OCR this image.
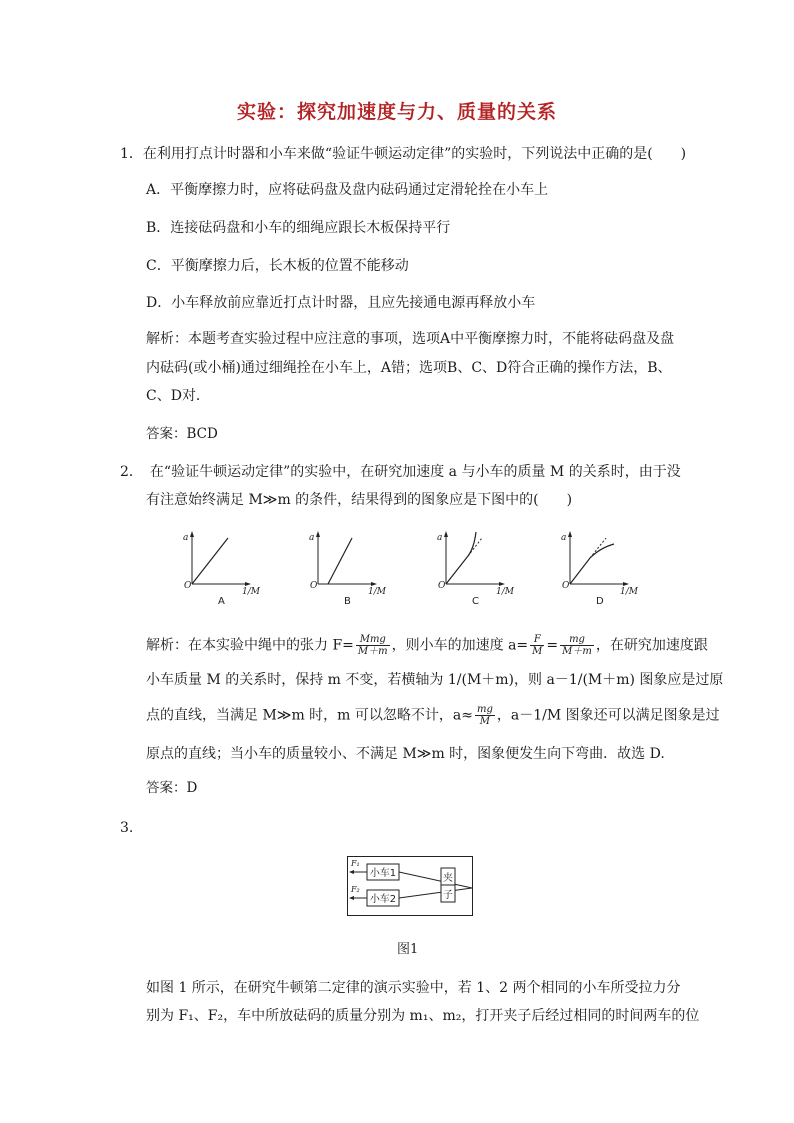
实验：探究加速度与力、质量的关系
1．在利用打点计时器和小车来做“验证牛顿运动定律”的实验时，下列说法中正确的是(　　)
A．平衡摩擦力时，应将砝码盘及盘内砝码通过定滑轮拴在小车上
B．连接砝码盘和小车的细绳应跟长木板保持平行
C．平衡摩擦力后，长木板的位置不能移动
D．小车释放前应靠近打点计时器，且应先接通电源再释放小车
解析：本题考查实验过程中应注意的事项，选项A中平衡摩擦力时，不能将砝码盘及盘
内砝码(或小桶)通过细绳拴在小车上，A错；选项B、C、D符合正确的操作方法，B、
C、D对．
答案：BCD
2．　在“验证牛顿运动定律”的实验中，在研究加速度 a 与小车的质量 M 的关系时，由于没
有注意始终满足 M≫m 的条件，结果得到的图象应是下图中的(　　)
a
O
1/M
A
a
O
1/M
B
a
O
1/M
C
a
O
1/M
D
解析：在本实验中绳中的张力 $F= \frac{\text{Mmg}}{M+m}$ ，则小车的加速度 $a= \frac{F}{M} = \frac{mg}{M+m}$ ，在研究加速度跟
小车质量 M 的关系时，保持 m 不变，若横轴为 1/(M＋m)，则 a－1/(M＋m) 图象应是过原
点的直线，当满足 M≫m 时，m 可以忽略不计，$a\approx \frac{mg}{M}$ ，a－1/M 图象还可以满足图象是过
原点的直线；当小车的质量较小、不满足 M≫m 时，图象便发生向下弯曲．故选 D.
答案：D
3.
小车1
小车2
F₁
F₂
夹
子
图1
如图 1 所示，在研究牛顿第二定律的演示实验中，若 1、2 两个相同的小车所受拉力分
别为 F₁、F₂，车中所放砝码的质量分别为 m₁、m₂，打开夹子后经过相同的时间两车的位
